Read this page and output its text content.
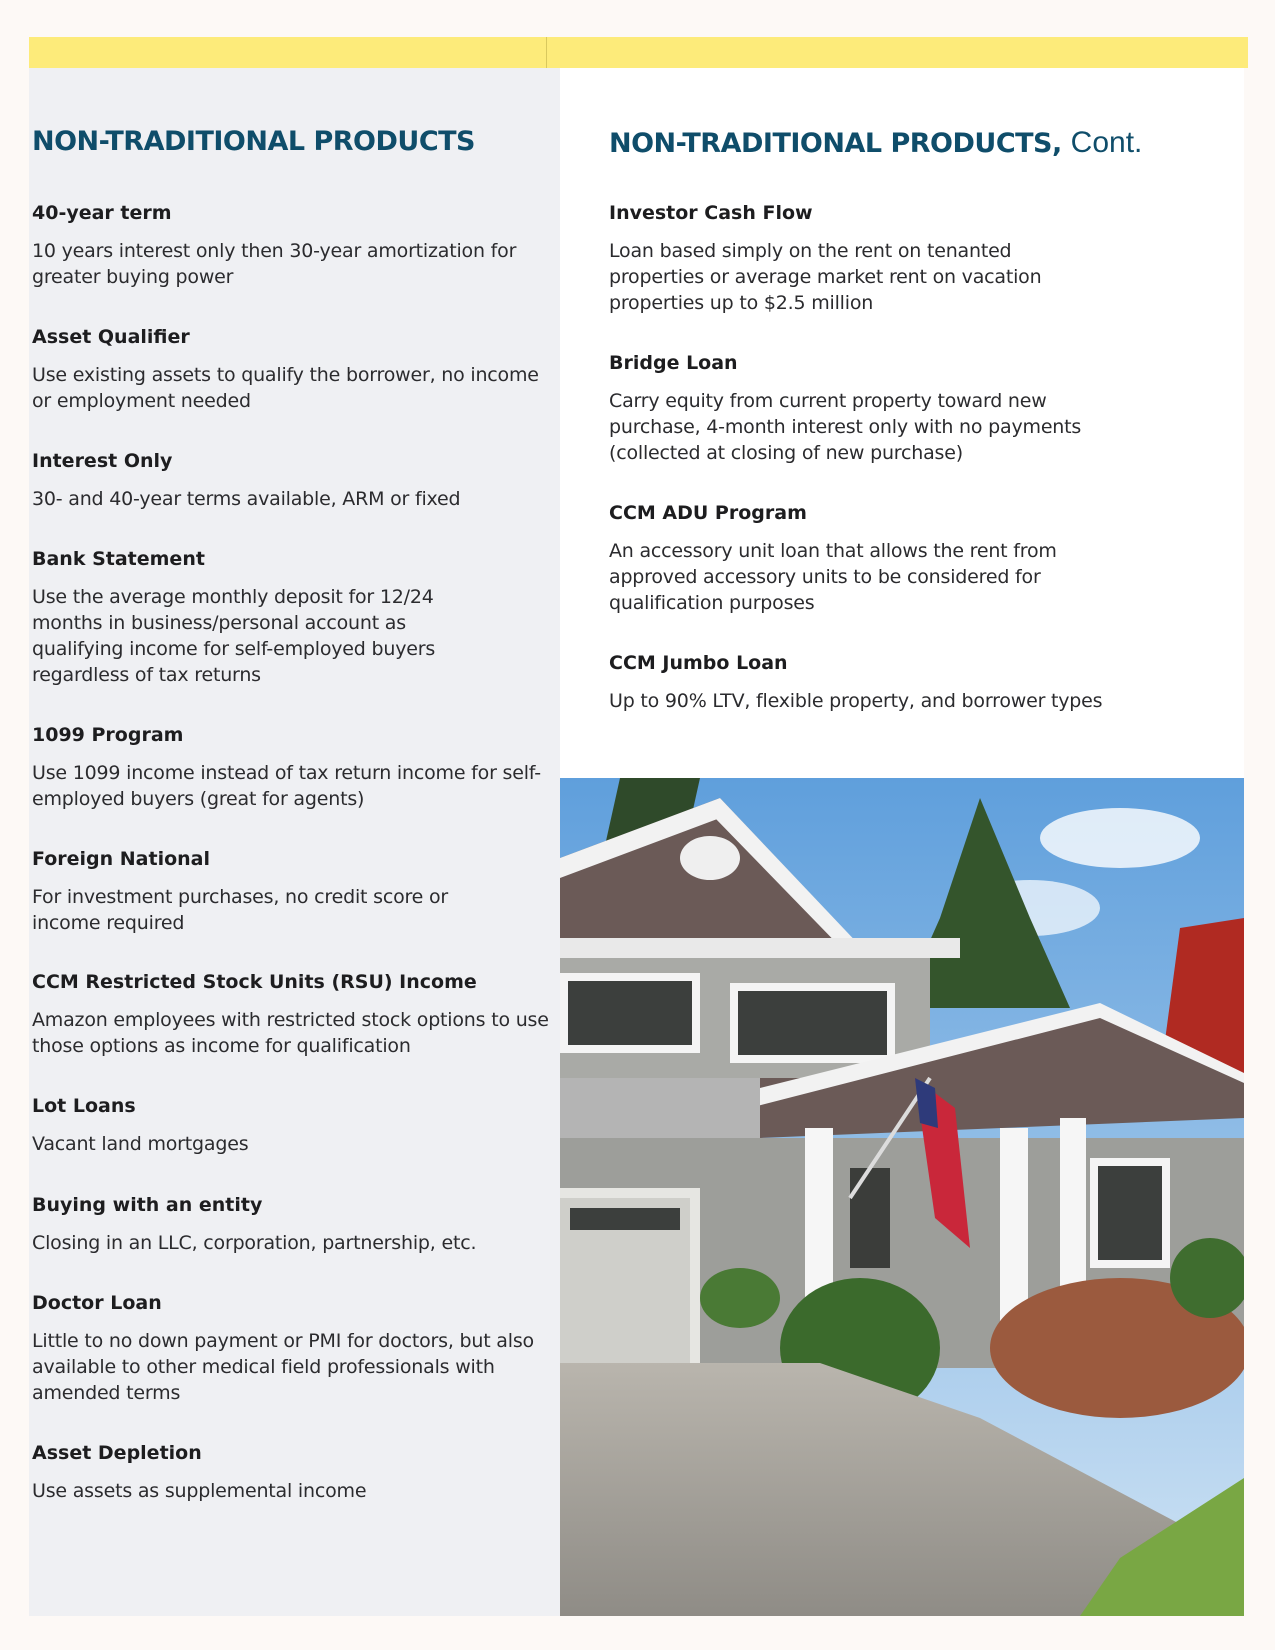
NON-TRADITIONAL PRODUCTS
40-year term

10 years interest only then 30-year amortization for greater buying power

Asset Qualifier

Use existing assets to qualify the borrower, no income or employment needed

Interest Only

30- and 40-year terms available, ARM or fixed

Bank Statement

Use the average monthly deposit for 12/24 months in business/personal account as qualifying income for self-employed buyers regardless of tax returns

1099 Program

Use 1099 income instead of tax return income for self-employed buyers (great for agents)

Foreign National

For investment purchases, no credit score or income required

CCM Restricted Stock Units (RSU) Income

Amazon employees with restricted stock options to use those options as income for qualification

Lot Loans

Vacant land mortgages

Buying with an entity

Closing in an LLC, corporation, partnership, etc.

Doctor Loan

Little to no down payment or PMI for doctors, but also available to other medical field professionals with amended terms

Asset Depletion

Use assets as supplemental income

NON-TRADITIONAL PRODUCTS, Cont.
Investor Cash Flow

Loan based simply on the rent on tenanted properties or average market rent on vacation properties up to $2.5 million

Bridge Loan

Carry equity from current property toward new purchase, 4-month interest only with no payments (collected at closing of new purchase)

CCM ADU Program

An accessory unit loan that allows the rent from approved accessory units to be considered for qualification purposes

CCM Jumbo Loan

Up to 90% LTV, flexible property, and borrower types
